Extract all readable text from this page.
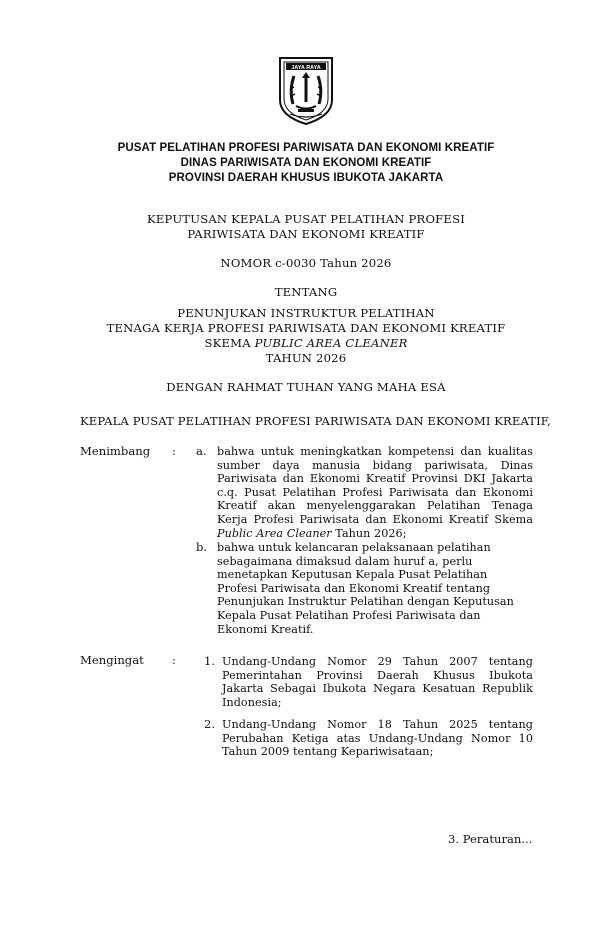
JAYA RAYA
PUSAT PELATIHAN PROFESI PARIWISATA DAN EKONOMI KREATIF
DINAS PARIWISATA DAN EKONOMI KREATIF
PROVINSI DAERAH KHUSUS IBUKOTA JAKARTA
KEPUTUSAN KEPALA PUSAT PELATIHAN PROFESI
PARIWISATA DAN EKONOMI KREATIF
NOMOR c-0030 Tahun 2026
TENTANG
PENUNJUKAN INSTRUKTUR PELATIHAN
TENAGA KERJA PROFESI PARIWISATA DAN EKONOMI KREATIF
SKEMA PUBLIC AREA CLEANER
TAHUN 2026
DENGAN RAHMAT TUHAN YANG MAHA ESA
KEPALA PUSAT PELATIHAN PROFESI PARIWISATA DAN EKONOMI KREATIF,
Menimbang : a. bahwa untuk meningkatkan kompetensi dan kualitas
sumber daya manusia bidang pariwisata, Dinas
Pariwisata dan Ekonomi Kreatif Provinsi DKI Jakarta
c.q. Pusat Pelatihan Profesi Pariwisata dan Ekonomi
Kreatif akan menyelenggarakan Pelatihan Tenaga
Kerja Profesi Pariwisata dan Ekonomi Kreatif Skema
Public Area Cleaner Tahun 2026;
b. bahwa untuk kelancaran pelaksanaan pelatihan
sebagaimana dimaksud dalam huruf a, perlu
menetapkan Keputusan Kepala Pusat Pelatihan
Profesi Pariwisata dan Ekonomi Kreatif tentang
Penunjukan Instruktur Pelatihan dengan Keputusan
Kepala Pusat Pelatihan Profesi Pariwisata dan
Ekonomi Kreatif.
Mengingat : 1. Undang-Undang Nomor 29 Tahun 2007 tentang
Pemerintahan Provinsi Daerah Khusus Ibukota
Jakarta Sebagai Ibukota Negara Kesatuan Republik
Indonesia;
2. Undang-Undang Nomor 18 Tahun 2025 tentang
Perubahan Ketiga atas Undang-Undang Nomor 10
Tahun 2009 tentang Kepariwisataan;
3. Peraturan...
